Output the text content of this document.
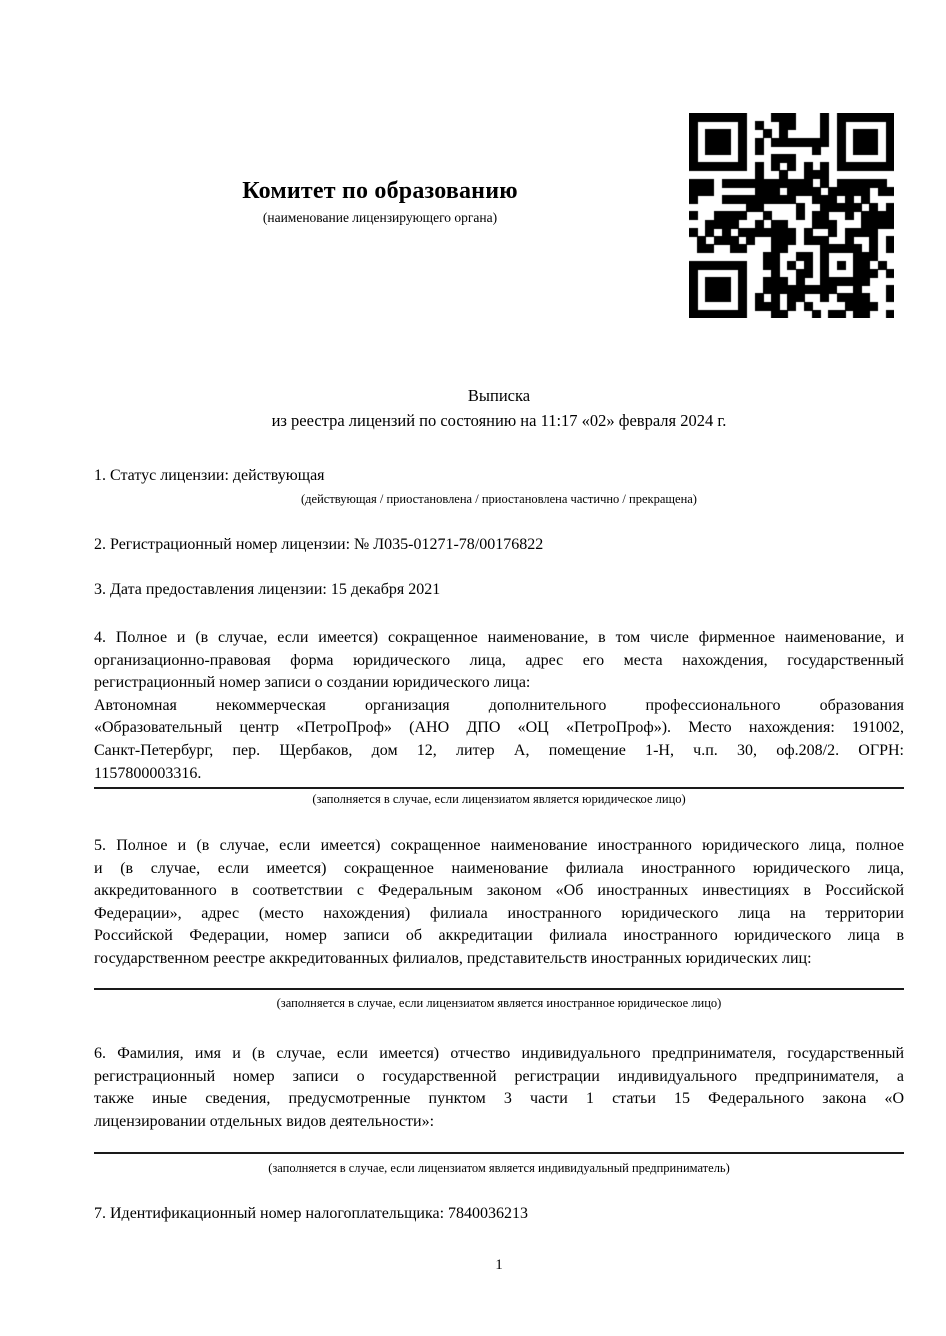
Комитет по образованию
(наименование лицензирующего органа)
Выписка
из реестра лицензий по состоянию на 11:17 «02» февраля 2024 г.
1. Статус лицензии: действующая
(действующая / приостановлена / приостановлена частично / прекращена)
2. Регистрационный номер лицензии: № Л035-01271-78/00176822
3. Дата предоставления лицензии: 15 декабря 2021
4. Полное и (в случае, если имеется) сокращенное наименование, в том числе фирменное наименование, и
организационно-правовая форма юридического лица, адрес его места нахождения, государственный
регистрационный номер записи о создании юридического лица:
Автономная некоммерческая организация дополнительного профессионального образования
«Образовательный центр «ПетроПроф» (АНО ДПО «ОЦ «ПетроПроф»). Место нахождения: 191002,
Санкт-Петербург, пер. Щербаков, дом 12, литер А, помещение 1-Н, ч.п. 30, оф.208/2. ОГРН:
1157800003316.
(заполняется в случае, если лицензиатом является юридическое лицо)
5. Полное и (в случае, если имеется) сокращенное наименование иностранного юридического лица, полное
и (в случае, если имеется) сокращенное наименование филиала иностранного юридического лица,
аккредитованного в соответствии с Федеральным законом «Об иностранных инвестициях в Российской
Федерации», адрес (место нахождения) филиала иностранного юридического лица на территории
Российской Федерации, номер записи об аккредитации филиала иностранного юридического лица в
государственном реестре аккредитованных филиалов, представительств иностранных юридических лиц:
(заполняется в случае, если лицензиатом является иностранное юридическое лицо)
6. Фамилия, имя и (в случае, если имеется) отчество индивидуального предпринимателя, государственный
регистрационный номер записи о государственной регистрации индивидуального предпринимателя, а
также иные сведения, предусмотренные пунктом 3 части 1 статьи 15 Федерального закона «О
лицензировании отдельных видов деятельности»:
(заполняется в случае, если лицензиатом является индивидуальный предприниматель)
7. Идентификационный номер налогоплательщика: 7840036213
1
